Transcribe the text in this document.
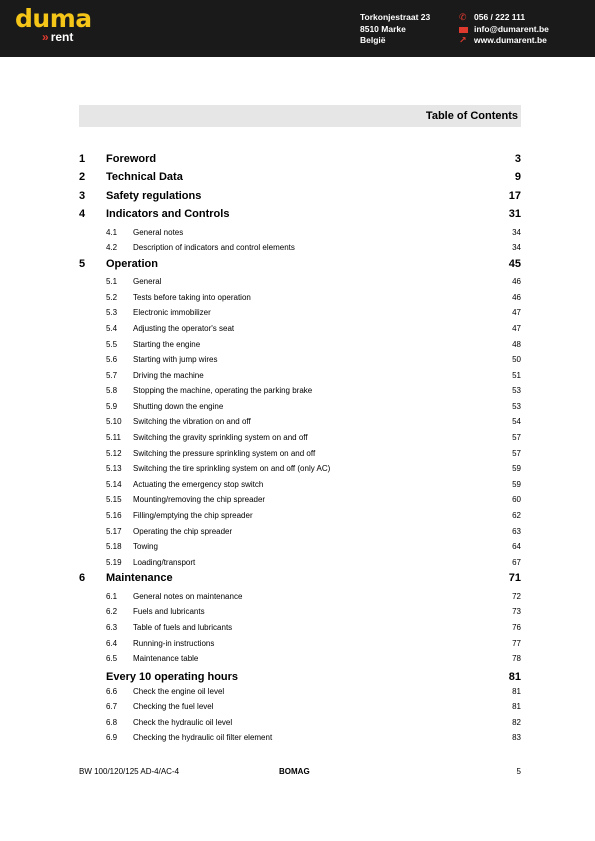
duma
» rent
Torkonjestraat 23
8510 Marke
België
✆ 056 / 222 111
info@dumarent.be
↗ www.dumarent.be
Table of Contents
1 Foreword	3
2 Technical Data	9
3 Safety regulations	17
4 Indicators and Controls	31
4.1 General notes	34
4.2 Description of indicators and control elements	34
5 Operation	45
5.1 General	46
5.2 Tests before taking into operation	46
5.3 Electronic immobilizer	47
5.4 Adjusting the operator's seat	47
5.5 Starting the engine	48
5.6 Starting with jump wires	50
5.7 Driving the machine	51
5.8 Stopping the machine, operating the parking brake	53
5.9 Shutting down the engine	53
5.10 Switching the vibration on and off	54
5.11 Switching the gravity sprinkling system on and off	57
5.12 Switching the pressure sprinkling system on and off	57
5.13 Switching the tire sprinkling system on and off (only AC)	59
5.14 Actuating the emergency stop switch	59
5.15 Mounting/removing the chip spreader	60
5.16 Filling/emptying the chip spreader	62
5.17 Operating the chip spreader	63
5.18 Towing	64
5.19 Loading/transport	67
6 Maintenance	71
6.1 General notes on maintenance	72
6.2 Fuels and lubricants	73
6.3 Table of fuels and lubricants	76
6.4 Running-in instructions	77
6.5 Maintenance table	78
Every 10 operating hours	81
6.6 Check the engine oil level	81
6.7 Checking the fuel level	81
6.8 Check the hydraulic oil level	82
6.9 Checking the hydraulic oil filter element	83
BW 100/120/125 AD-4/AC-4	BOMAG	5
